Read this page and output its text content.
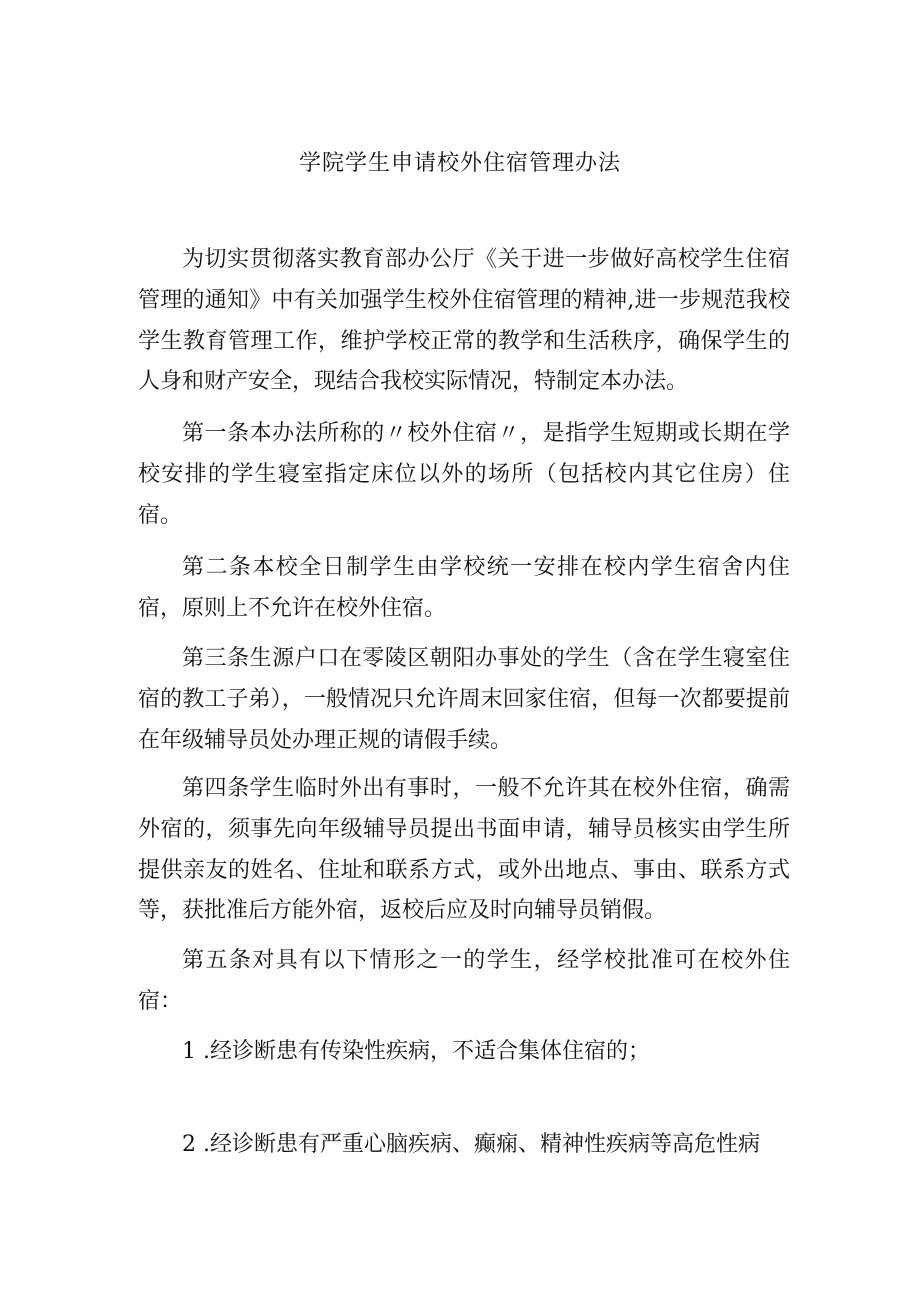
学院学生申请校外住宿管理办法

为切实贯彻落实教育部办公厅《关于进一步做好高校学生住宿管理的通知》中有关加强学生校外住宿管理的精神,进一步规范我校学生教育管理工作，维护学校正常的教学和生活秩序，确保学生的人身和财产安全，现结合我校实际情况，特制定本办法。

第一条本办法所称的〃校外住宿〃，是指学生短期或长期在学校安排的学生寝室指定床位以外的场所（包括校内其它住房）住宿。

第二条本校全日制学生由学校统一安排在校内学生宿舍内住宿，原则上不允许在校外住宿。

第三条生源户口在零陵区朝阳办事处的学生（含在学生寝室住宿的教工子弟），一般情况只允许周末回家住宿，但每一次都要提前在年级辅导员处办理正规的请假手续。

第四条学生临时外出有事时，一般不允许其在校外住宿，确需外宿的，须事先向年级辅导员提出书面申请，辅导员核实由学生所提供亲友的姓名、住址和联系方式，或外出地点、事由、联系方式等，获批准后方能外宿，返校后应及时向辅导员销假。

第五条对具有以下情形之一的学生，经学校批准可在校外住宿：

1 .经诊断患有传染性疾病，不适合集体住宿的；

2 .经诊断患有严重心脑疾病、癫痫、精神性疾病等高危性病
